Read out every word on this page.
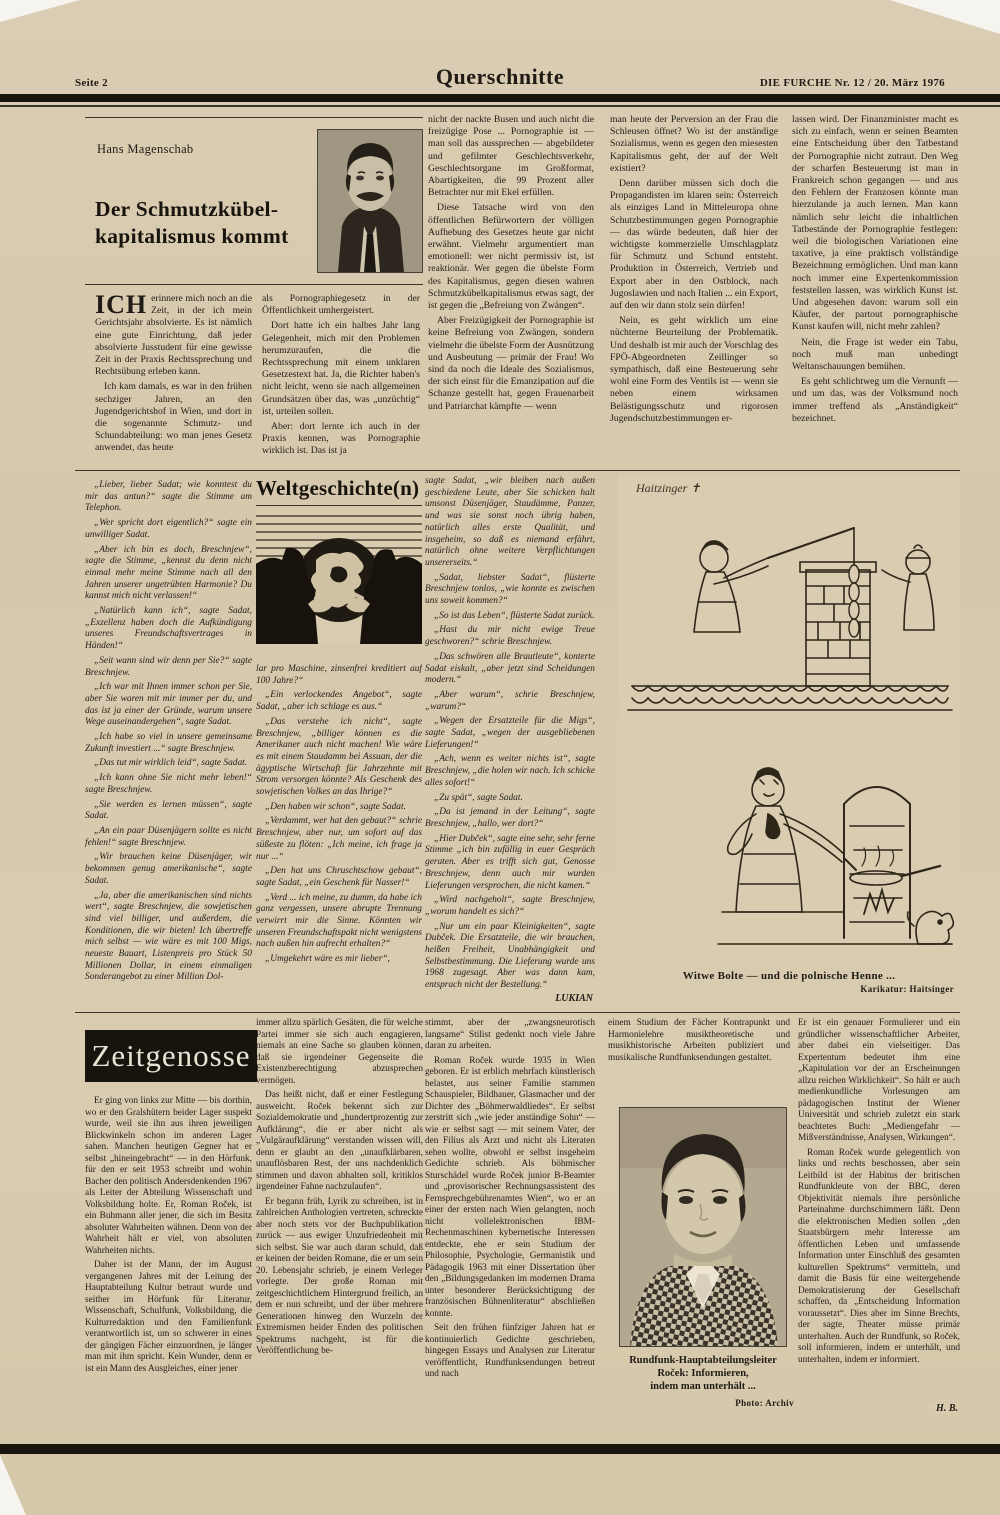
Seite 2	Querschnitte	DIE FURCHE Nr. 12 / 20. März 1976
Hans Magenschab
Der Schmutzkübel-
kapitalismus kommt

ICH erinnere mich noch an die Zeit, in der ich mein Gerichtsjahr absolvierte. Es ist nämlich eine gute Einrichtung, daß jeder absolvierte Jusstudent für eine gewisse Zeit in der Praxis Rechtssprechung und Rechtsübung erleben kann.

Ich kam damals, es war in den frühen sechziger Jahren, an den Jugendgerichtshof in Wien, und dort in die sogenannte Schmutz- und Schundabteilung: wo man jenes Gesetz anwendet, das heute

als Pornographiegesetz in der Öffentlichkeit umhergeistert.

Dort hatte ich ein halbes Jahr lang Gelegenheit, mich mit den Problemen herumzuraufen, die die Rechtssprechung mit einem unklaren Gesetzestext hat. Ja, die Richter haben's nicht leicht, wenn sie nach allgemeinen Grundsätzen über das, was „unzüchtig“ ist, urteilen sollen.

Aber: dort lernte ich auch in der Praxis kennen, was Pornographie wirklich ist. Das ist ja

nicht der nackte Busen und auch nicht die freizügige Pose ... Pornographie ist — man soll das aussprechen — abgebildeter und gefilmter Geschlechtsverkehr, Geschlechtsorgane im Großformat, Abartigkeiten, die 99 Prozent aller Betrachter nur mit Ekel erfüllen.

Diese Tatsache wird von den öffentlichen Befürwortern der völligen Aufhebung des Gesetzes heute gar nicht erwähnt. Vielmehr argumentiert man emotionell: wer nicht permissiv ist, ist reaktionär. Wer gegen die übelste Form des Kapitalismus, gegen diesen wahren Schmutzkübelkapitalismus etwas sagt, der ist gegen die „Befreiung von Zwängen“.

Aber Freizügigkeit der Pornographie ist keine Befreiung von Zwängen, sondern vielmehr die übelste Form der Ausnützung und Ausbeutung — primär der Frau! Wo sind da noch die Ideale des Sozialismus, der sich einst für die Emanzipation auf die Schanze gestellt hat, gegen Frauenarbeit und Patriarchat kämpfte — wenn

man heute der Perversion an der Frau die Schleusen öffnet? Wo ist der anständige Sozialismus, wenn es gegen den miesesten Kapitalismus geht, der auf der Welt existiert?

Denn darüber müssen sich doch die Propagandisten im klaren sein: Österreich als einziges Land in Mitteleuropa ohne Schutzbestimmungen gegen Pornographie — das würde bedeuten, daß hier der wichtigste kommerzielle Umschlagplatz für Schmutz und Schund entsteht. Produktion in Österreich, Vertrieb und Export aber in den Ostblock, nach Jugoslawien und nach Italien ... ein Export, auf den wir dann stolz sein dürfen!

Nein, es geht wirklich um eine nüchterne Beurteilung der Problematik. Und deshalb ist mir auch der Vorschlag des FPÖ-Abgeordneten Zeillinger so sympathisch, daß eine Besteuerung sehr wohl eine Form des Ventils ist — wenn sie neben einem wirksamen Belästigungsschutz und rigorosen Jugendschutzbestimmungen er-

lassen wird. Der Finanzminister macht es sich zu einfach, wenn er seinen Beamten eine Entscheidung über den Tatbestand der Pornographie nicht zutraut. Den Weg der scharfen Besteuerung ist man in Frankreich schon gegangen — und aus den Fehlern der Franzosen könnte man hierzulande ja auch lernen. Man kann nämlich sehr leicht die inhaltlichen Tatbestände der Pornographie festlegen: weil die biologischen Variationen eine taxative, ja eine praktisch vollständige Bezeichnung ermöglichen. Und man kann noch immer eine Expertenkommission feststellen lassen, was wirklich Kunst ist. Und abgesehen davon: warum soll ein Käufer, der partout pornographische Kunst kaufen will, nicht mehr zahlen?

Nein, die Frage ist weder ein Tabu, noch muß man unbedingt Weltanschauungen bemühen.

Es geht schlichtweg um die Vernunft — und um das, was der Volksmund noch immer treffend als „Anständigkeit“ bezeichnet.

„Lieber, lieber Sadat; wie konntest du mir das antun?“ sagte die Stimme am Telephon.

„Wer spricht dort eigentlich?“ sagte ein unwilliger Sadat.

„Aber ich bin es doch, Breschnjew“, sagte die Stimme, „kennst du denn nicht einmal mehr meine Stimme nach all den Jahren unserer ungetrübten Harmonie? Du kannst mich nicht verlassen!“

„Natürlich kann ich“, sagte Sadat, „Exzellenz haben doch die Aufkündigung unseres Freundschaftsvertrages in Händen!“

„Seit wann sind wir denn per Sie?“ sagte Breschnjew.

„Ich war mit Ihnen immer schon per Sie, aber Sie waren mit mir immer per du, und das ist ja einer der Gründe, warum unsere Wege auseinandergehen“, sagte Sadat.

„Ich habe so viel in unsere gemeinsame Zukunft investiert ...“ sagte Breschnjew.

„Das tut mir wirklich leid“, sagte Sadat.

„Ich kann ohne Sie nicht mehr leben!“ sagte Breschnjew.

„Sie werden es lernen müssen“, sagte Sadat.

„An ein paar Düsenjägern sollte es nicht fehlen!“ sagte Breschnjew.

„Wir brauchen keine Düsenjäger, wir bekommen genug amerikanische“, sagte Sadat.

„Ja, aber die amerikanischen sind nichts wert“, sagte Breschnjew, die sowjetischen sind viel billiger, und außerdem, die Konditionen, die wir bieten! Ich übertreffe mich selbst — wie wäre es mit 100 Migs, neueste Bauart, Listenpreis pro Stück 50 Millionen Dollar, in einem einmaligen Sonderangebot zu einer Million Dol-

Weltgeschichte(n)

lar pro Maschine, zinsenfrei kreditiert auf 100 Jahre?“

„Ein verlockendes Angebot“, sagte Sadat, „aber ich schlage es aus.“

„Das verstehe ich nicht“, sagte Breschnjew, „billiger können es die Amerikaner auch nicht machen! Wie wäre es mit einem Staudamm bei Assuan, der die ägyptische Wirtschaft für Jahrzehnte mit Strom versorgen könnte? Als Geschenk des sowjetischen Volkes an das Ihrige?“

„Den haben wir schon“, sagte Sadat.

„Verdammt, wer hat den gebaut?“ schrie Breschnjew, aber nur, um sofort auf das süßeste zu flöten: „Ich meine, ich frage ja nur ...“

„Den hat uns Chruschtschow gebaut“, sagte Sadat, „ein Geschenk für Nasser!“

„Verd ... ich meine, zu dumm, da habe ich ganz vergessen, unsere abrupte Trennung verwirrt mir die Sinne. Könnten wir unseren Freundschaftspakt nicht wenigstens nach außen hin aufrecht erhalten?“

„Umgekehrt wäre es mir lieber“,

sagte Sadat, „wir bleiben nach außen geschiedene Leute, aber Sie schicken halt umsonst Düsenjäger, Staudämme, Panzer, und was sie sonst noch übrig haben, natürlich alles erste Qualität, und insgeheim, so daß es niemand erfährt, natürlich ohne weitere Verpflichtungen unsererseits.“

„Sadat, liebster Sadat“, flüsterte Breschnjew tonlos, „wie konnte es zwischen uns soweit kommen?“

„So ist das Leben“, flüsterte Sadat zurück.

„Hast du mir nicht ewige Treue geschworen?“ schrie Breschnjew.

„Das schwören alle Brautleute“, konterte Sadat eiskalt, „aber jetzt sind Scheidungen modern.“

„Aber warum“, schrie Breschnjew, „warum?“

„Wegen der Ersatzteile für die Migs“, sagte Sadat, „wegen der ausgebliebenen Lieferungen!“

„Ach, wenn es weiter nichts ist“, sagte Breschnjew, „die holen wir nach. Ich schicke alles sofort!“

„Zu spät“, sagte Sadat.

„Da ist jemand in der Leitung“, sagte Breschnjew, „hallo, wer dort?“

„Hier Dubček“, sagte eine sehr, sehr ferne Stimme „ich bin zufällig in euer Gespräch geraten. Aber es trifft sich gut, Genosse Breschnjew, denn auch mir wurden Lieferungen versprochen, die nicht kamen.“

„Wird nachgeholt“, sagte Breschnjew, „worum handelt es sich?“

„Nur um ein paar Kleinigkeiten“, sagte Dubček. Die Ersatzteile, die wir brauchen, heißen Freiheit, Unabhängigkeit und Selbstbestimmung. Die Lieferung wurde uns 1968 zugesagt. Aber was dann kam, entsprach nicht der Bestellung.“

LUKIAN
Haitzinger ✝
Witwe Bolte — und die polnische Henne ...
Karikatur: Haitsinger
Zeitgenosse

Er ging von links zur Mitte — bis dorthin, wo er den Gralshütern beider Lager suspekt wurde, weil sie ihn aus ihren jeweiligen Blickwinkeln schon im anderen Lager sahen. Manchen heutigen Gegner hat er selbst „hineingebracht“ — in den Hörfunk, für den er seit 1953 schreibt und wohin Bacher den politisch Andersdenkenden 1967 als Leiter der Abteilung Wissenschaft und Volksbildung holte. Er, Roman Roček, ist ein Buhmann aller jener, die sich im Besitz absoluter Wahrheiten wähnen. Denn von der Wahrheit hält er viel, von absoluten Wahrheiten nichts.

Daher ist der Mann, der im August vergangenen Jahres mit der Leitung der Hauptabteilung Kultur betraut wurde und seither im Hörfunk für Literatur, Wissenschaft, Schulfunk, Volksbildung, die Kulturredaktion und den Familienfunk verantwortlich ist, um so schwerer in eines der gängigen Fächer einzuordnen, je länger man mit ihm spricht. Kein Wunder, denn er ist ein Mann des Ausgleiches, einer jener

immer allzu spärlich Gesäten, die für welche Partei immer sie sich auch engagieren, niemals an eine Sache so glauben können, daß sie irgendeiner Gegenseite die Existenzberechtigung abzusprechen vermögen.

Das heißt nicht, daß er einer Festlegung ausweicht. Roček bekennt sich zur Sozialdemokratie und „hundertprozentig zur Aufklärung“, die er aber nicht als „Vulgäraufklärung“ verstanden wissen will, denn er glaubt an den „unaufklärbaren, unauflösbaren Rest, der uns nachdenklich stimmen und davon abhalten soll, kritiklos irgendeiner Fahne nachzulaufen“.

Er begann früh, Lyrik zu schreiben, ist in zahlreichen Anthologien vertreten, schreckte aber noch stets vor der Buchpublikation zurück — aus ewiger Unzufriedenheit mit sich selbst. Sie war auch daran schuld, daß er keinen der beiden Romane, die er um sein 20. Lebensjahr schrieb, je einem Verleger vorlegte. Der große Roman mit zeitgeschichtlichem Hintergrund freilich, an dem er nun schreibt, und der über mehrere Generationen hinweg den Wurzeln der Extremismen beider Enden des politischen Spektrums nachgeht, ist für die Veröffentlichung be-

stimmt, aber der „zwangsneurotisch langsame“ Stilist gedenkt noch viele Jahre daran zu arbeiten.

Roman Roček wurde 1935 in Wien geboren. Er ist erblich mehrfach künstlerisch belastet, aus seiner Familie stammen Schauspieler, Bildhauer, Glasmacher und der Dichter des „Böhmerwaldliedes“. Er selbst zerstritt sich „wie jeder anständige Sohn“ — wie er selbst sagt — mit seinem Vater, der den Filius als Arzt und nicht als Literaten sehen wollte, obwohl er selbst insgeheim Gedichte schrieb. Als böhmischer Sturschädel wurde Roček junior B-Beamter und „provisorischer Rechnungsassistent des Fernsprechgebührenamtes Wien“, wo er an einer der ersten nach Wien gelangten, noch nicht vollelektronischen IBM-Rechenmaschinen kybernetische Interessen entdeckte, ehe er sein Studium der Philosophie, Psychologie, Germanistik und Pädagogik 1963 mit einer Dissertation über den „Bildungsgedanken im modernen Drama unter besonderer Berücksichtigung der französischen Bühnenliteratur“ abschließen konnte.

Seit den frühen fünfziger Jahren hat er kontinuierlich Gedichte geschrieben, hingegen Essays und Analysen zur Literatur veröffentlicht, Rundfunksendungen betreut und nach

einem Studium der Fächer Kontrapunkt und Harmonielehre musiktheoretische und musikhistorische Arbeiten publiziert und musikalische Rundfunksendungen gestaltet.

Rundfunk-Hauptabteilungsleiter

Roček: Informieren,

indem man unterhält ...

Photo: Archiv

Er ist ein genauer Formulierer und ein gründlicher wissenschaftlicher Arbeiter, aber dabei ein vielseitiger. Das Expertentum bedeutet ihm eine „Kapitulation vor der an Erscheinungen allzu reichen Wirklichkeit“. So hält er auch medienkundliche Vorlesungen am pädagogischen Institut der Wiener Universität und schrieb zuletzt ein stark beachtetes Buch: „Mediengefahr — Mißverständnisse, Analysen, Wirkungen“.

Roman Roček wurde gelegentlich von links und rechts beschossen, aber sein Leitbild ist der Habitus der britischen Rundfunkleute von der BBC, deren Objektivität niemals ihre persönliche Parteinahme durchschimmern läßt. Denn die elektronischen Medien sollen „den Staatsbürgern mehr Interesse am öffentlichen Leben und umfassende Information unter Einschluß des gesamten kulturellen Spektrums“ vermitteln, und damit die Basis für eine weitergehende Demokratisierung der Gesellschaft schaffen, da „Entscheidung Information voraussetzt“. Dies aber im Sinne Brechts, der sagte, Theater müsse primär unterhalten. Auch der Rundfunk, so Roček, soll informieren, indem er unterhält, und unterhalten, indem er informiert.

H. B.
